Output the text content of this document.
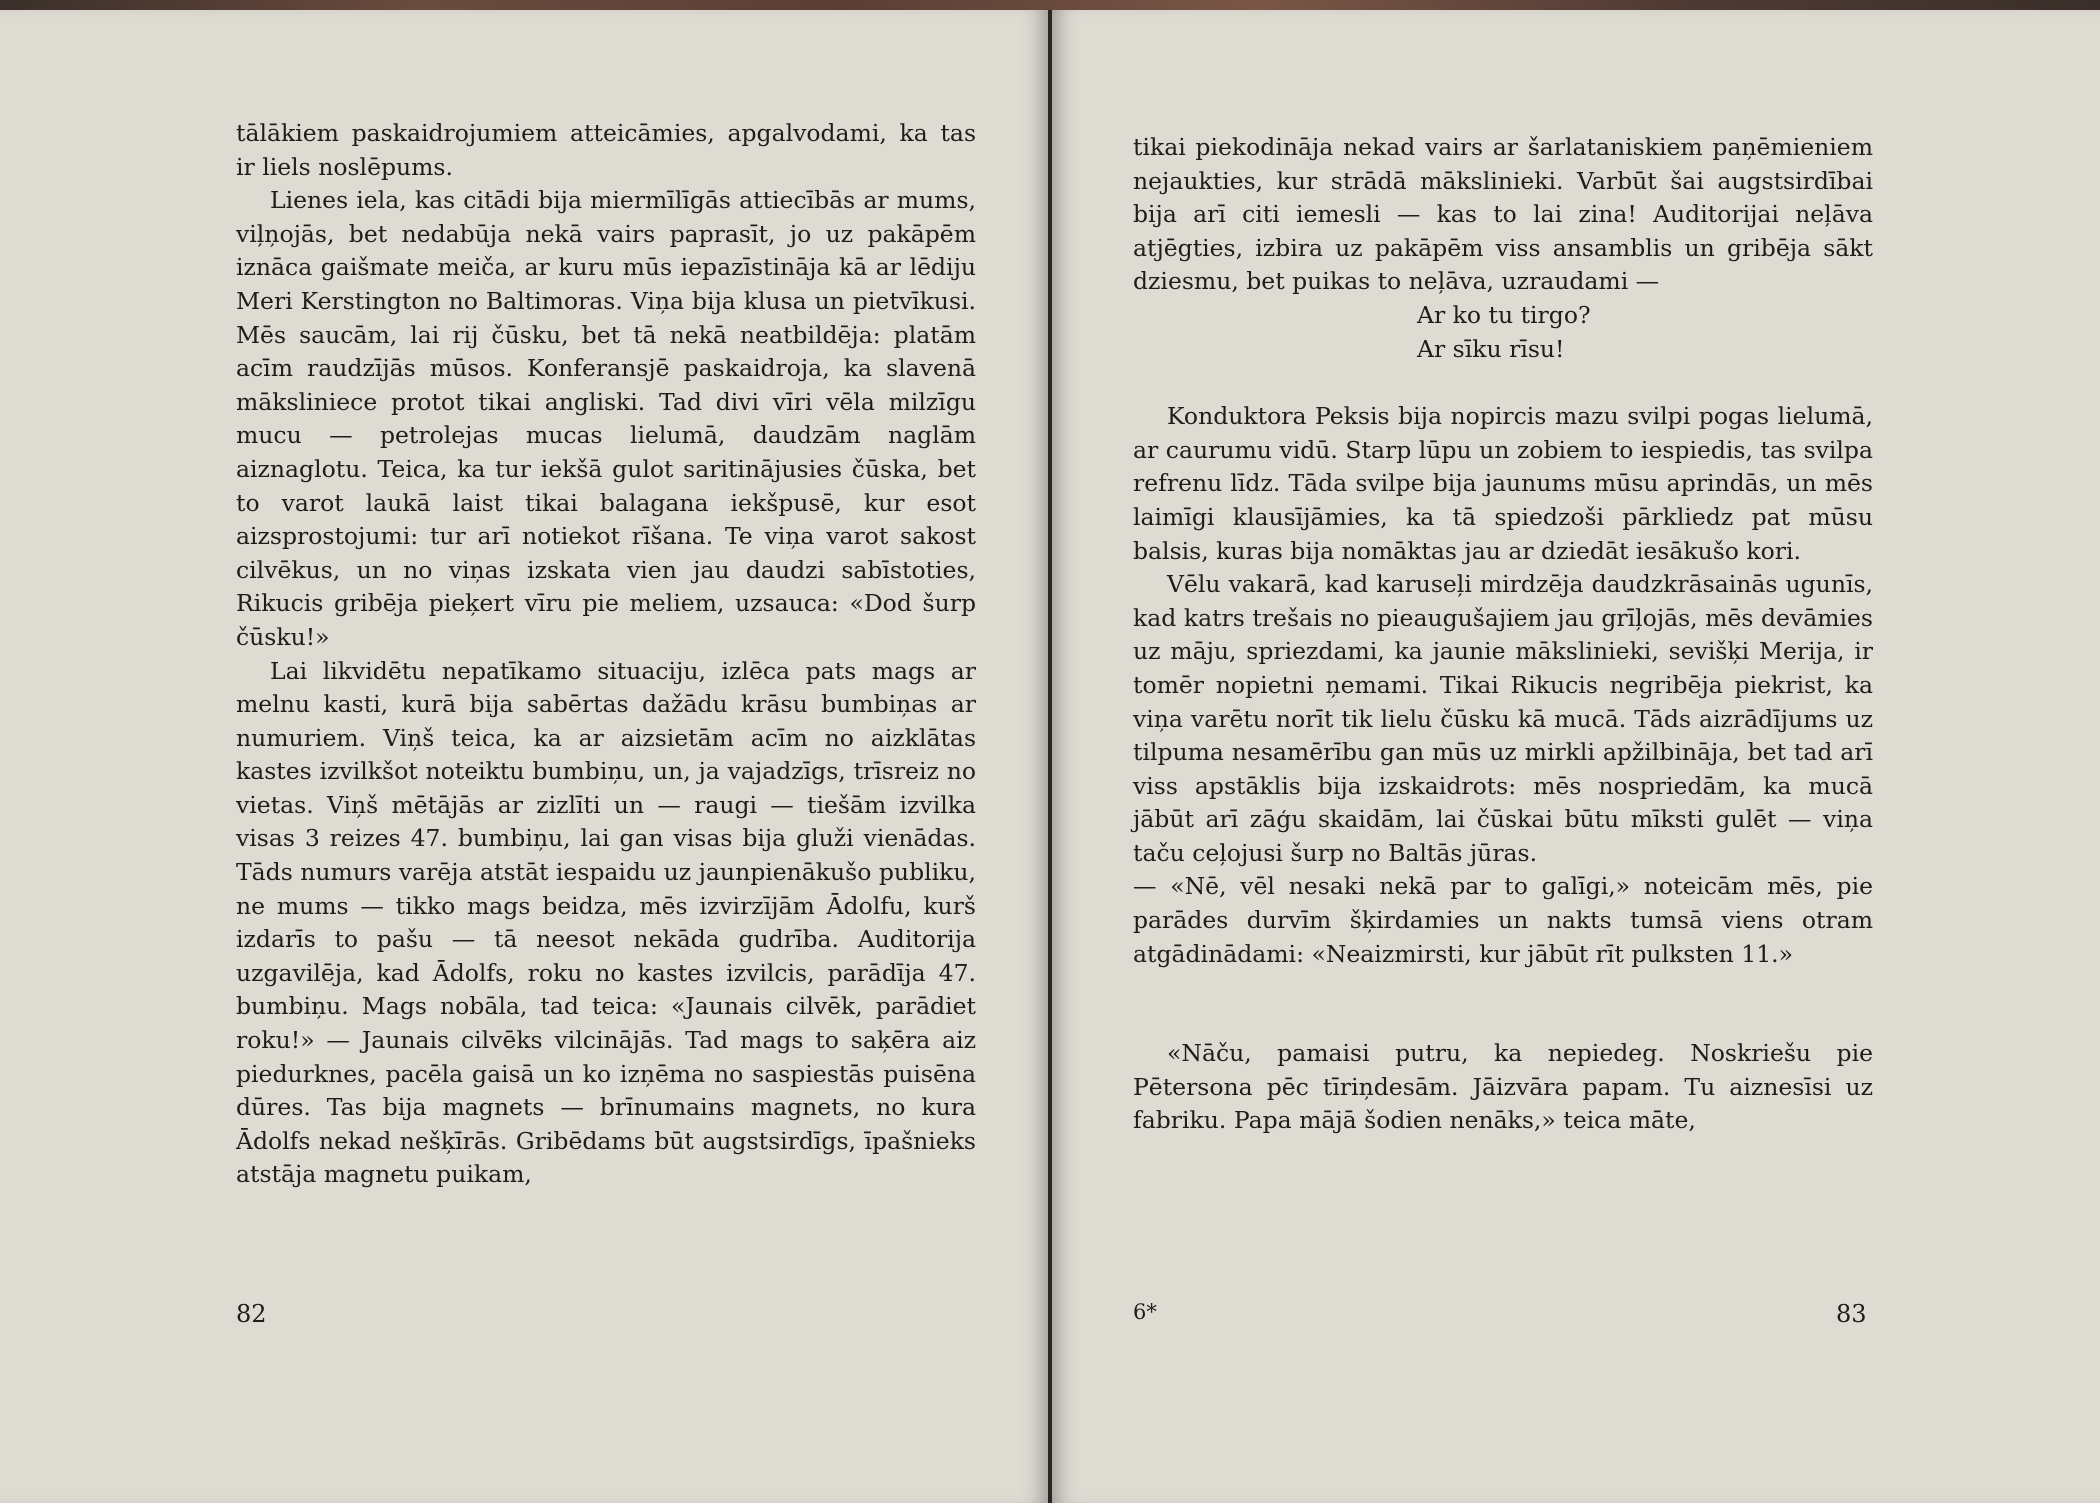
tālākiem paskaidrojumiem atteicāmies, apgalvodami, ka tas ir liels noslēpums.

Lienes iela, kas citādi bija miermīlīgās attiecībās ar mums, viļņojās, bet nedabūja nekā vairs paprasīt, jo uz pakāpēm iznāca gaišmate meiča, ar kuru mūs iepazīstināja kā ar lēdiju Meri Kerstington no Baltimoras. Viņa bija klusa un pietvīkusi. Mēs saucām, lai rij čūsku, bet tā nekā neatbildēja: platām acīm raudzījās mūsos. Konferansjē paskaidroja, ka slavenā māksliniece protot tikai angliski. Tad divi vīri vēla milzīgu mucu — petrolejas mucas lielumā, daudzām naglām aiznaglotu. Teica, ka tur iekšā gulot saritinājusies čūska, bet to varot laukā laist tikai balagana iekšpusē, kur esot aizsprostojumi: tur arī notiekot rīšana. Te viņa varot sakost cilvēkus, un no viņas izskata vien jau daudzi sabīstoties, Rikucis gribēja pieķert vīru pie meliem, uzsauca: «Dod šurp čūsku!»

Lai likvidētu nepatīkamo situaciju, izlēca pats mags ar melnu kasti, kurā bija sabērtas dažādu krāsu bumbiņas ar numuriem. Viņš teica, ka ar aizsietām acīm no aizklātas kastes izvilkšot noteiktu bumbiņu, un, ja vajadzīgs, trīsreiz no vietas. Viņš mētājās ar zizlīti un — raugi — tiešām izvilka visas 3 reizes 47. bumbiņu, lai gan visas bija gluži vienādas. Tāds numurs varēja atstāt iespaidu uz jaunpienākušo publiku, ne mums — tikko mags beidza, mēs izvirzījām Ādolfu, kurš izdarīs to pašu — tā neesot nekāda gudrība. Auditorija uzgavilēja, kad Ādolfs, roku no kastes izvilcis, parādīja 47. bumbiņu. Mags nobāla, tad teica: «Jaunais cilvēk, parādiet roku!» — Jaunais cilvēks vilcinājās. Tad mags to saķēra aiz piedurknes, pacēla gaisā un ko izņēma no saspiestās puisēna dūres. Tas bija magnets — brīnumains magnets, no kura Ādolfs nekad nešķīrās. Gribēdams būt augstsirdīgs, īpašnieks atstāja magnetu puikam,

82

tikai piekodināja nekad vairs ar šarlataniskiem paņēmieniem nejaukties, kur strādā mākslinieki. Varbūt šai augstsirdībai bija arī citi iemesli — kas to lai zina! Auditorijai neļāva atjēgties, izbira uz pakāpēm viss ansamblis un gribēja sākt dziesmu, bet puikas to neļāva, uzraudami —

Ar ko tu tirgo?

Ar sīku rīsu!

Konduktora Peksis bija nopircis mazu svilpi pogas lielumā, ar caurumu vidū. Starp lūpu un zobiem to iespiedis, tas svilpa refrenu līdz. Tāda svilpe bija jaunums mūsu aprindās, un mēs laimīgi klausījāmies, ka tā spiedzoši pārkliedz pat mūsu balsis, kuras bija nomāktas jau ar dziedāt iesākušo kori.

Vēlu vakarā, kad karuseļi mirdzēja daudzkrāsainās ugunīs, kad katrs trešais no pieaugušajiem jau grīļojās, mēs devāmies uz māju, spriezdami, ka jaunie mākslinieki, sevišķi Merija, ir tomēr nopietni ņemami. Tikai Rikucis negribēja piekrist, ka viņa varētu norīt tik lielu čūsku kā mucā. Tāds aizrādījums uz tilpuma nesamērību gan mūs uz mirkli apžilbināja, bet tad arī viss apstāklis bija izskaidrots: mēs nospriedām, ka mucā jābūt arī zāģu skaidām, lai čūskai būtu mīksti gulēt — viņa taču ceļojusi šurp no Baltās jūras.

— «Nē, vēl nesaki nekā par to galīgi,» noteicām mēs, pie parādes durvīm šķirdamies un nakts tumsā viens otram atgādinādami: «Neaizmirsti, kur jābūt rīt pulksten 11.»

«Nāču, pamaisi putru, ka nepiedeg. Noskriešu pie Pētersona pēc tīriņdesām. Jāizvāra papam. Tu aiznesīsi uz fabriku. Papa mājā šodien nenāks,» teica māte,

6*	83
